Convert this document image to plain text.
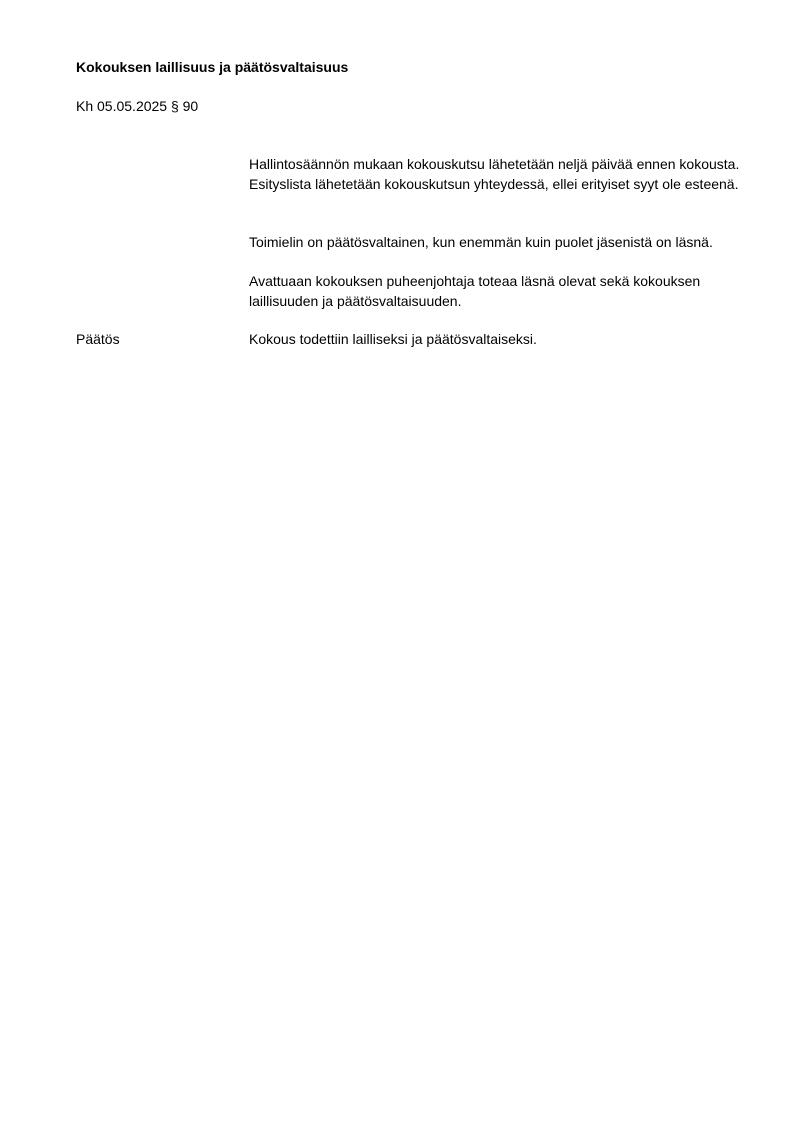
Kokouksen laillisuus ja päätösvaltaisuus
Kh 05.05.2025 § 90
Hallintosäännön mukaan kokouskutsu lähetetään neljä päivää ennen kokousta. Esityslista lähetetään kokouskutsun yhteydessä, ellei erityiset syyt ole esteenä.
Toimielin on päätösvaltainen, kun enemmän kuin puolet jäsenistä on läsnä.
Avattuaan kokouksen puheenjohtaja toteaa läsnä olevat sekä kokouksen laillisuuden ja päätösvaltaisuuden.
Päätös	Kokous todettiin lailliseksi ja päätösvaltaiseksi.
